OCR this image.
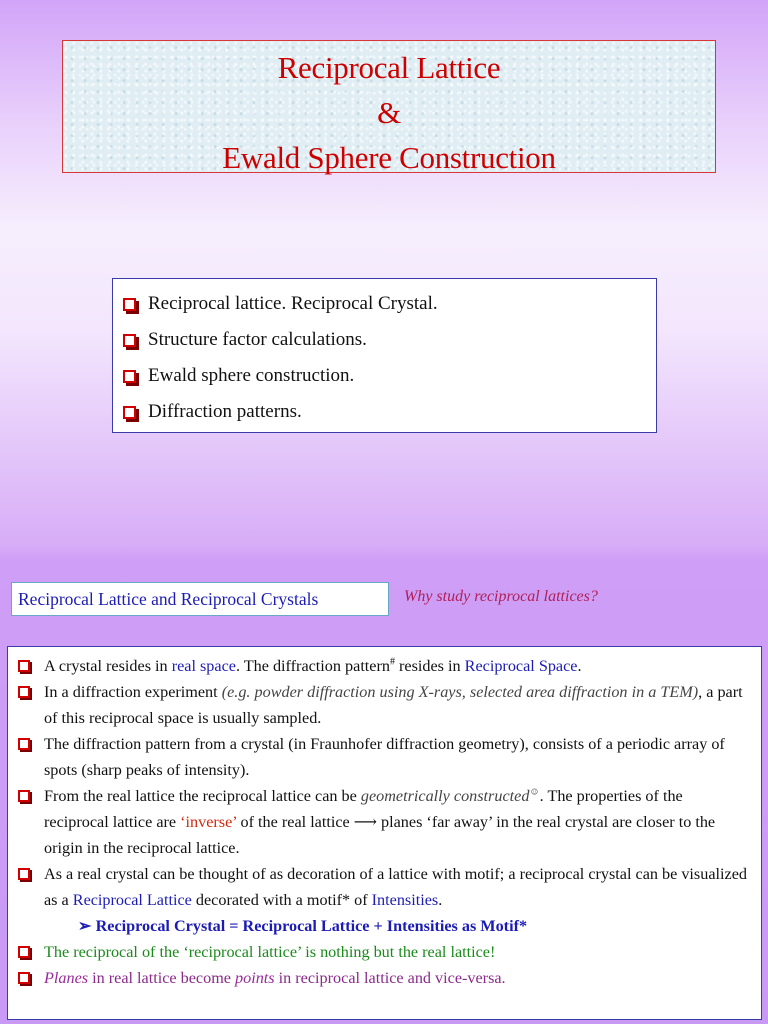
Reciprocal Lattice
&
Ewald Sphere Construction
Reciprocal lattice. Reciprocal Crystal.
Structure factor calculations.
Ewald sphere construction.
Diffraction patterns.
Reciprocal Lattice and Reciprocal Crystals	Why study reciprocal lattices?
A crystal resides in real space. The diffraction pattern# resides in Reciprocal Space.
In a diffraction experiment (e.g. powder diffraction using X-rays, selected area diffraction in a TEM), a part of this reciprocal space is usually sampled.
The diffraction pattern from a crystal (in Fraunhofer diffraction geometry), consists of a periodic array of spots (sharp peaks of intensity).
From the real lattice the reciprocal lattice can be geometrically constructed☺. The properties of the reciprocal lattice are ‘inverse’ of the real lattice ⟶ planes ‘far away’ in the real crystal are closer to the origin in the reciprocal lattice.
As a real crystal can be thought of as decoration of a lattice with motif; a reciprocal crystal can be visualized as a Reciprocal Lattice decorated with a motif* of Intensities.
➢ Reciprocal Crystal = Reciprocal Lattice + Intensities as Motif*
The reciprocal of the ‘reciprocal lattice’ is nothing but the real lattice!
Planes in real lattice become points in reciprocal lattice and vice-versa.
